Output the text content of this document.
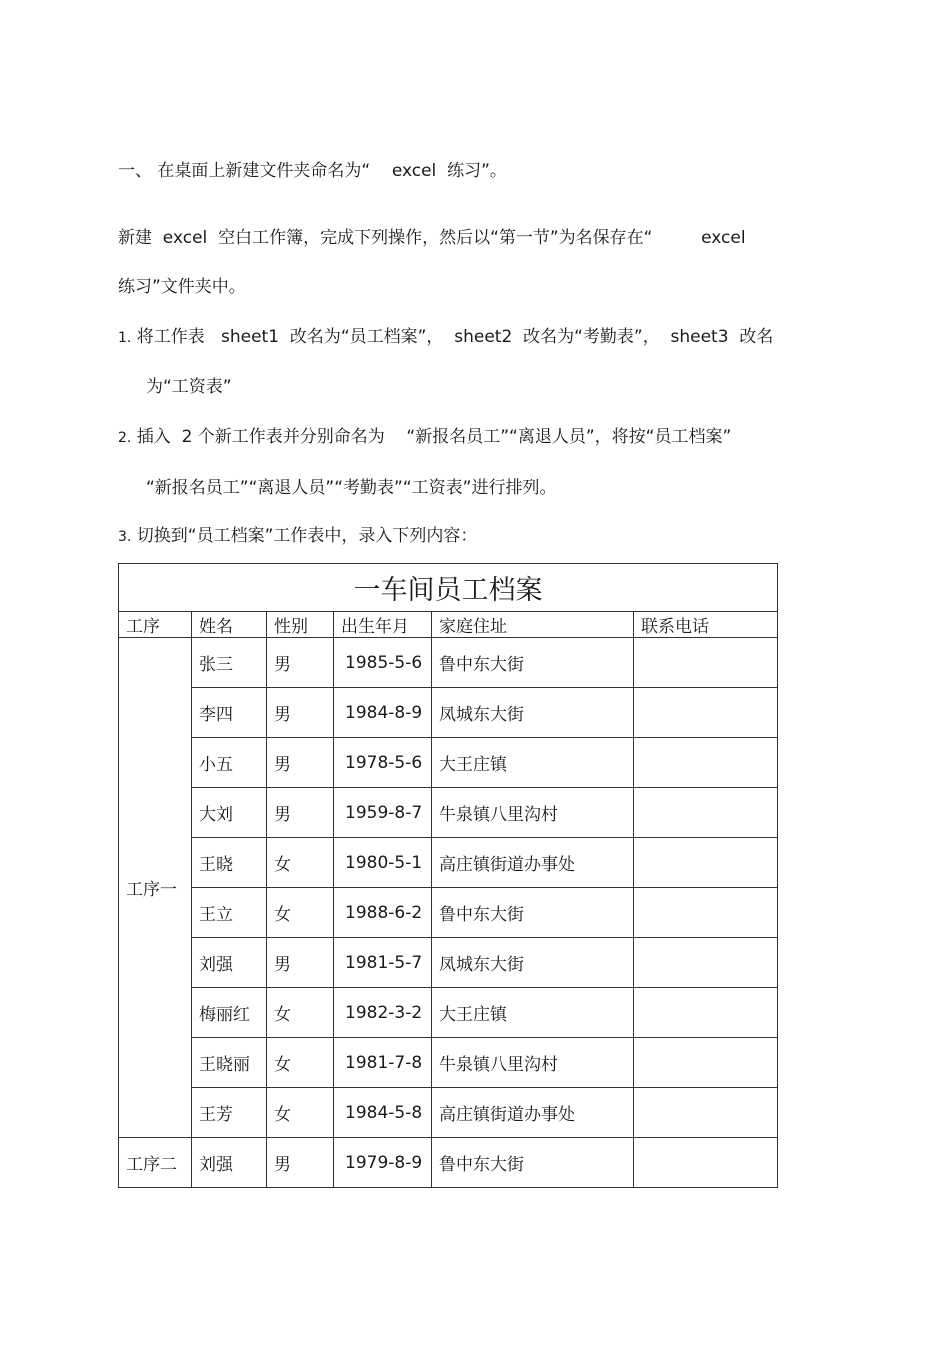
一、 在桌面上新建文件夹命名为“    excel  练习”。
新建  excel  空白工作簿，完成下列操作，然后以“第一节”为名保存在“         excel
练习”文件夹中。
1. 将工作表   sheet1  改名为“员工档案”，  sheet2  改名为“考勤表”，  sheet3  改名
为“工资表”
2. 插入  2 个新工作表并分别命名为    “新报名员工”“离退人员”，将按“员工档案”
“新报名员工”“离退人员”“考勤表”“工资表”进行排列。
3. 切换到“员工档案”工作表中，录入下列内容：
一车间员工档案					
工序	姓名	性别	出生年月	家庭住址	联系电话
工序一	张三	男	1985-5-6	鲁中东大街	
	李四	男	1984-8-9	凤城东大街	
	小五	男	1978-5-6	大王庄镇	
	大刘	男	1959-8-7	牛泉镇八里沟村	
	王晓	女	1980-5-1	高庄镇街道办事处	
	王立	女	1988-6-2	鲁中东大街	
	刘强	男	1981-5-7	凤城东大街	
	梅丽红	女	1982-3-2	大王庄镇	
	王晓丽	女	1981-7-8	牛泉镇八里沟村	
	王芳	女	1984-5-8	高庄镇街道办事处	
工序二	刘强	男	1979-8-9	鲁中东大街	
